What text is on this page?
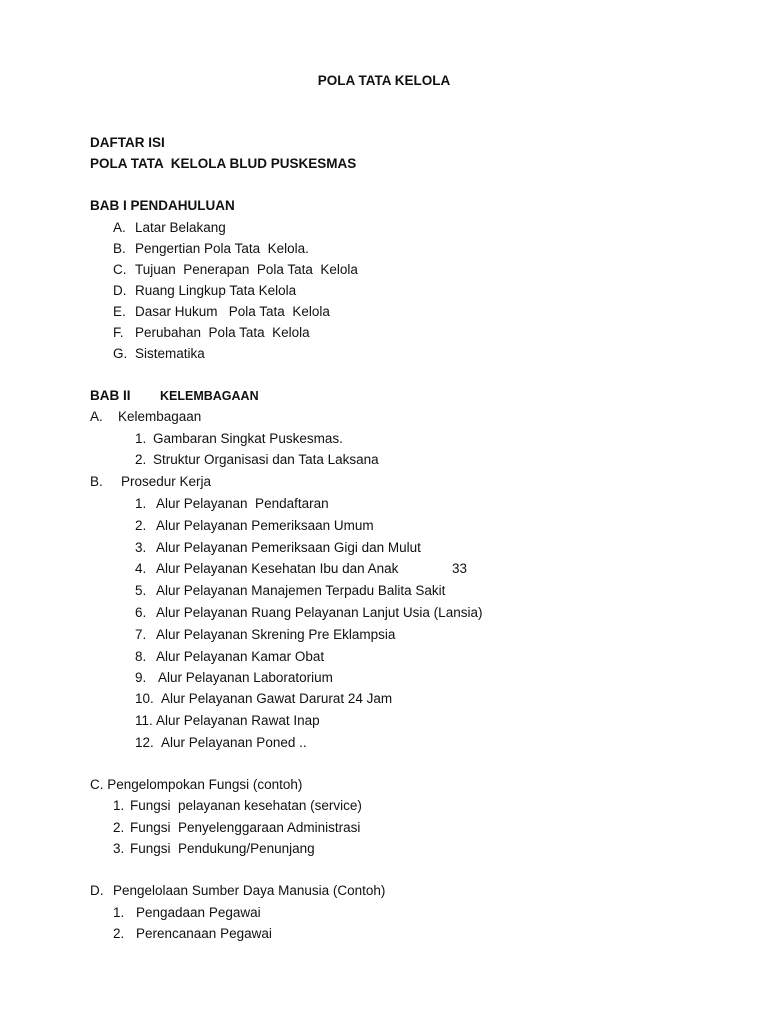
POLA TATA KELOLA
DAFTAR ISI
POLA TATA  KELOLA BLUD PUSKESMAS
BAB I PENDAHULUAN
A. Latar Belakang
B. Pengertian Pola Tata  Kelola.
C. Tujuan  Penerapan  Pola Tata  Kelola
D. Ruang Lingkup Tata Kelola
E. Dasar Hukum   Pola Tata  Kelola
F. Perubahan  Pola Tata  Kelola
G. Sistematika
BAB II KELEMBAGAAN
A. Kelembagaan
1. Gambaran Singkat Puskesmas.
2. Struktur Organisasi dan Tata Laksana
B. Prosedur Kerja
1. Alur Pelayanan  Pendaftaran
2. Alur Pelayanan Pemeriksaan Umum
3. Alur Pelayanan Pemeriksaan Gigi dan Mulut
4. Alur Pelayanan Kesehatan Ibu dan Anak	33
5. Alur Pelayanan Manajemen Terpadu Balita Sakit
6. Alur Pelayanan Ruang Pelayanan Lanjut Usia (Lansia)
7. Alur Pelayanan Skrening Pre Eklampsia
8. Alur Pelayanan Kamar Obat
9. Alur Pelayanan Laboratorium
10. Alur Pelayanan Gawat Darurat 24 Jam
11. Alur Pelayanan Rawat Inap
12. Alur Pelayanan Poned ..
C. Pengelompokan Fungsi (contoh)
1. Fungsi  pelayanan kesehatan (service)
2. Fungsi  Penyelenggaraan Administrasi
3. Fungsi  Pendukung/Penunjang
D. Pengelolaan Sumber Daya Manusia (Contoh)
1. Pengadaan Pegawai
2. Perencanaan Pegawai
